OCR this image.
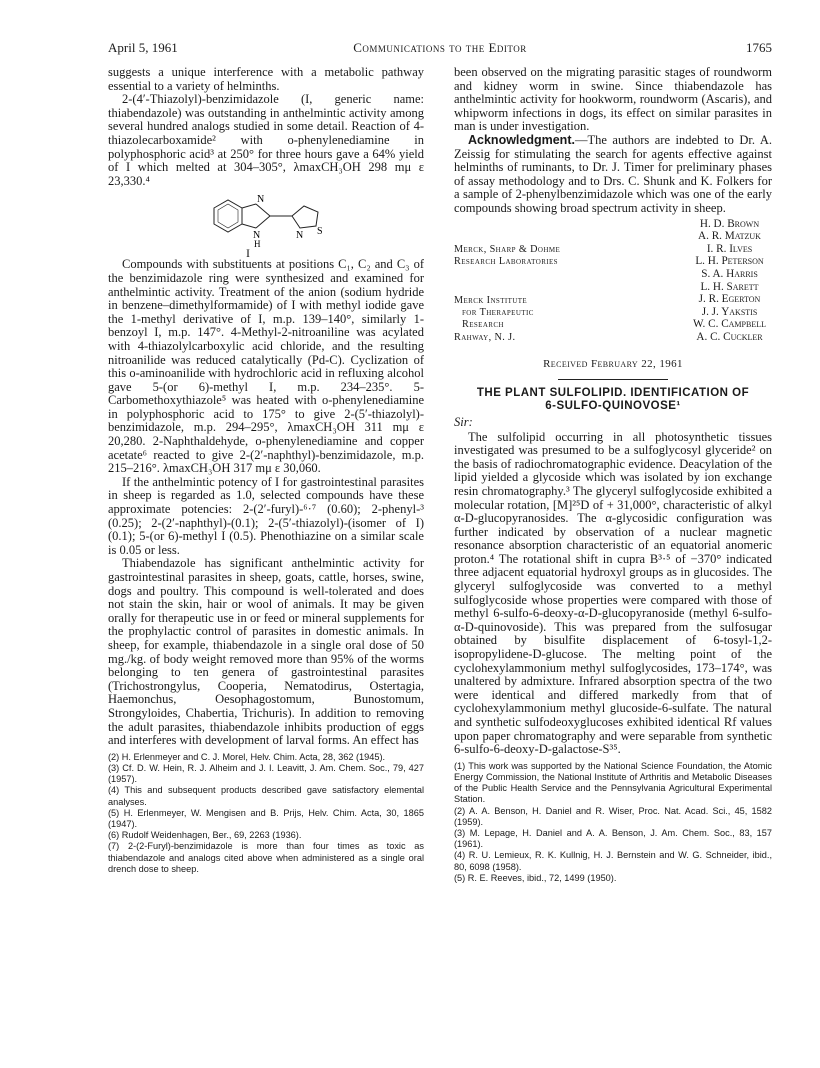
April 5, 1961	Communications to the Editor	1765

suggests a unique interference with a metabolic pathway essential to a variety of helminths.

2-(4′-Thiazolyl)-benzimidazole (I, generic name: thiabendazole) was outstanding in anthelmintic activity among several hundred analogs studied in some detail. Reaction of 4-thiazolecarboxamide² with o-phenylenediamine in polyphosphoric acid³ at 250° for three hours gave a 64% yield of I which melted at 304–305°, λmaxCH₃OH 298 mμ ε 23,330.⁴

N
N
H
N S
I

Compounds with substituents at positions C₁, C₂ and C₃ of the benzimidazole ring were synthesized and examined for anthelmintic activity. Treatment of the anion (sodium hydride in benzene–dimethylformamide) of I with methyl iodide gave the 1-methyl derivative of I, m.p. 139–140°, similarly 1-benzoyl I, m.p. 147°. 4-Methyl-2-nitroaniline was acylated with 4-thiazolylcarboxylic acid chloride, and the resulting nitroanilide was reduced catalytically (Pd-C). Cyclization of this o-aminoanilide with hydrochloric acid in refluxing alcohol gave 5-(or 6)-methyl I, m.p. 234–235°. 5-Carbomethoxythiazole⁵ was heated with o-phenylenediamine in polyphosphoric acid to 175° to give 2-(5′-thiazolyl)-benzimidazole, m.p. 294–295°, λmaxCH₃OH 311 mμ ε 20,280. 2-Naphthaldehyde, o-phenylenediamine and copper acetate⁶ reacted to give 2-(2′-naphthyl)-benzimidazole, m.p. 215–216°. λmaxCH₃OH 317 mμ ε 30,060.

If the anthelmintic potency of I for gastrointestinal parasites in sheep is regarded as 1.0, selected compounds have these approximate potencies: 2-(2′-furyl)-⁶·⁷ (0.60); 2-phenyl-³ (0.25); 2-(2′-naphthyl)-(0.1); 2-(5′-thiazolyl)-(isomer of I) (0.1); 5-(or 6)-methyl I (0.5). Phenothiazine on a similar scale is 0.05 or less.

Thiabendazole has significant anthelmintic activity for gastrointestinal parasites in sheep, goats, cattle, horses, swine, dogs and poultry. This compound is well-tolerated and does not stain the skin, hair or wool of animals. It may be given orally for therapeutic use in or feed or mineral supplements for the prophylactic control of parasites in domestic animals. In sheep, for example, thiabendazole in a single oral dose of 50 mg./kg. of body weight removed more than 95% of the worms belonging to ten genera of gastrointestinal parasites (Trichostrongylus, Cooperia, Nematodirus, Ostertagia, Haemonchus, Oesophagostomum, Bunostomum, Strongyloides, Chabertia, Trichuris). In addition to removing the adult parasites, thiabendazole inhibits production of eggs and interferes with development of larval forms. An effect has

(2) H. Erlenmeyer and C. J. Morel, Helv. Chim. Acta, 28, 362 (1945).
(3) Cf. D. W. Hein, R. J. Alheim and J. I. Leavitt, J. Am. Chem. Soc., 79, 427 (1957).
(4) This and subsequent products described gave satisfactory elemental analyses.
(5) H. Erlenmeyer, W. Mengisen and B. Prijs, Helv. Chim. Acta, 30, 1865 (1947).
(6) Rudolf Weidenhagen, Ber., 69, 2263 (1936).
(7) 2-(2-Furyl)-benzimidazole is more than four times as toxic as thiabendazole and analogs cited above when administered as a single oral drench dose to sheep.

been observed on the migrating parasitic stages of roundworm and kidney worm in swine. Since thiabendazole has anthelmintic activity for hookworm, roundworm (Ascaris), and whipworm infections in dogs, its effect on similar parasites in man is under investigation.

Acknowledgment.—The authors are indebted to Dr. A. Zeissig for stimulating the search for agents effective against helminths of ruminants, to Dr. J. Timer for preliminary phases of assay methodology and to Drs. C. Shunk and K. Folkers for a sample of 2-phenylbenzimidazole which was one of the early compounds showing broad spectrum activity in sheep.

H. D. Brown
A. R. Matzuk
I. R. Ilves
L. H. Peterson
S. A. Harris
L. H. Sarett
J. R. Egerton
J. J. Yakstis
W. C. Campbell
A. C. Cuckler
Merck, Sharp & Dohme
Research Laboratories
Merck Institute
for Therapeutic
Research
Rahway, N. J.
Received February 22, 1961
THE PLANT SULFOLIPID. IDENTIFICATION OF
6-SULFO-QUINOVOSE¹
Sir:

The sulfolipid occurring in all photosynthetic tissues investigated was presumed to be a sulfoglycosyl glyceride² on the basis of radiochromatographic evidence. Deacylation of the lipid yielded a glycoside which was isolated by ion exchange resin chromatography.³ The glyceryl sulfoglycoside exhibited a molecular rotation, [M]²⁵D of + 31,000°, characteristic of alkyl α-D-glucopyranosides. The α-glycosidic configuration was further indicated by observation of a nuclear magnetic resonance absorption characteristic of an equatorial anomeric proton.⁴ The rotational shift in cupra B³·⁵ of −370° indicated three adjacent equatorial hydroxyl groups as in glucosides. The glyceryl sulfoglycoside was converted to a methyl sulfoglycoside whose properties were compared with those of methyl 6-sulfo-6-deoxy-α-D-glucopyranoside (methyl 6-sulfo-α-D-quinovoside). This was prepared from the sulfosugar obtained by bisulfite displacement of 6-tosyl-1,2-isopropylidene-D-glucose. The melting point of the cyclohexylammonium methyl sulfoglycosides, 173–174°, was unaltered by admixture. Infrared absorption spectra of the two were identical and differed markedly from that of cyclohexylammonium methyl glucoside-6-sulfate. The natural and synthetic sulfodeoxyglucoses exhibited identical Rf values upon paper chromatography and were separable from synthetic 6-sulfo-6-deoxy-D-galactose-S³⁵.

(1) This work was supported by the National Science Foundation, the Atomic Energy Commission, the National Institute of Arthritis and Metabolic Diseases of the Public Health Service and the Pennsylvania Agricultural Experimental Station.
(2) A. A. Benson, H. Daniel and R. Wiser, Proc. Nat. Acad. Sci., 45, 1582 (1959).
(3) M. Lepage, H. Daniel and A. A. Benson, J. Am. Chem. Soc., 83, 157 (1961).
(4) R. U. Lemieux, R. K. Kullnig, H. J. Bernstein and W. G. Schneider, ibid., 80, 6098 (1958).
(5) R. E. Reeves, ibid., 72, 1499 (1950).
